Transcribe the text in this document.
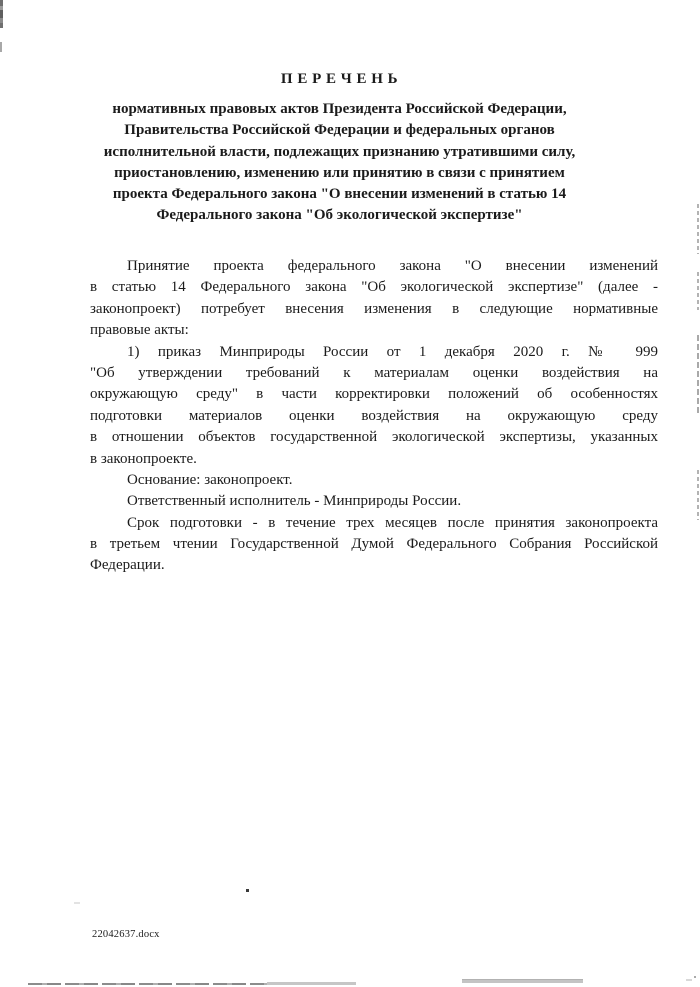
П Е Р Е Ч Е Н Ь
нормативных правовых актов Президента Российской Федерации,
Правительства Российской Федерации и федеральных органов
исполнительной власти, подлежащих признанию утратившими силу,
приостановлению, изменению или принятию в связи с принятием
проекта Федерального закона "О внесении изменений в статью 14
Федерального закона "Об экологической экспертизе"
Принятие проекта федерального закона "О внесении изменений
в статью 14 Федерального закона "Об экологической экспертизе" (далее -
законопроект) потребует внесения изменения в следующие нормативные
правовые акты:
1) приказ Минприроды России от 1 декабря 2020 г. № 999
"Об утверждении требований к материалам оценки воздействия на
окружающую среду" в части корректировки положений об особенностях
подготовки материалов оценки воздействия на окружающую среду
в отношении объектов государственной экологической экспертизы, указанных
в законопроекте.
Основание: законопроект.
Ответственный исполнитель - Минприроды России.
Срок подготовки - в течение трех месяцев после принятия законопроекта
в третьем чтении Государственной Думой Федерального Собрания Российской
Федерации.
22042637.docx
